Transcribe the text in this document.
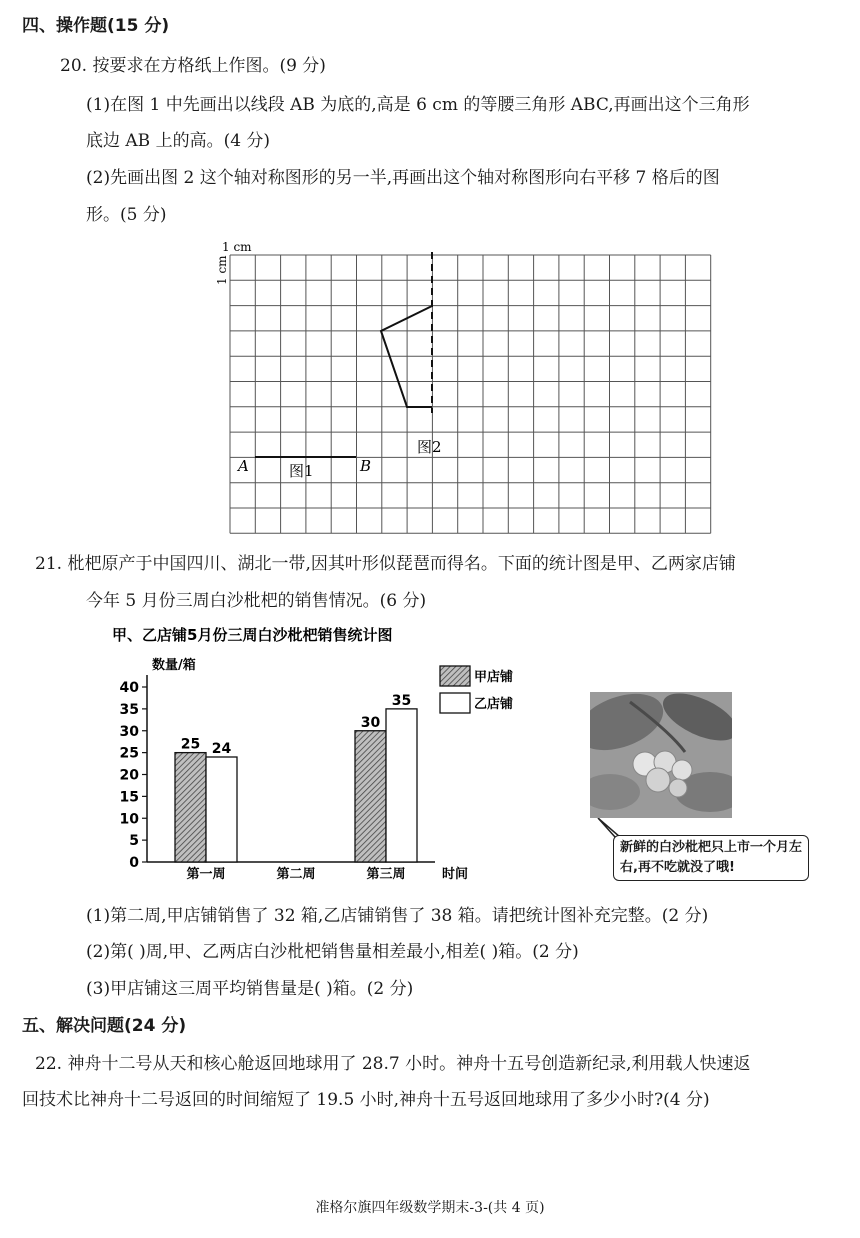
四、操作题(15 分)
20. 按要求在方格纸上作图。(9 分)
(1)在图 1 中先画出以线段 AB 为底的,高是 6 cm 的等腰三角形 ABC,再画出这个三角形
底边 AB 上的高。(4 分)
(2)先画出图 2 这个轴对称图形的另一半,再画出这个轴对称图形向右平移 7 格后的图
形。(5 分)
1 cm
1 cm
图2
A	B
图1
21. 枇杷原产于中国四川、湖北一带,因其叶形似琵琶而得名。下面的统计图是甲、乙两家店铺
今年 5 月份三周白沙枇杷的销售情况。(6 分)
甲、乙店铺5月份三周白沙枇杷销售统计图
数量/箱
时间
0
5
10
15
20
25
30
35
40
第一周	第二周	第三周
25 24
30
35
甲店铺
乙店铺
新鲜的白沙枇杷只上市一个月左右,再不吃就没了哦!
(1)第二周,甲店铺销售了 32 箱,乙店铺销售了 38 箱。请把统计图补充完整。(2 分)
(2)第( )周,甲、乙两店白沙枇杷销售量相差最小,相差( )箱。(2 分)
(3)甲店铺这三周平均销售量是( )箱。(2 分)
五、解决问题(24 分)
22. 神舟十二号从天和核心舱返回地球用了 28.7 小时。神舟十五号创造新纪录,利用载人快速返
回技术比神舟十二号返回的时间缩短了 19.5 小时,神舟十五号返回地球用了多少小时?(4 分)
准格尔旗四年级数学期末-3-(共 4 页)
